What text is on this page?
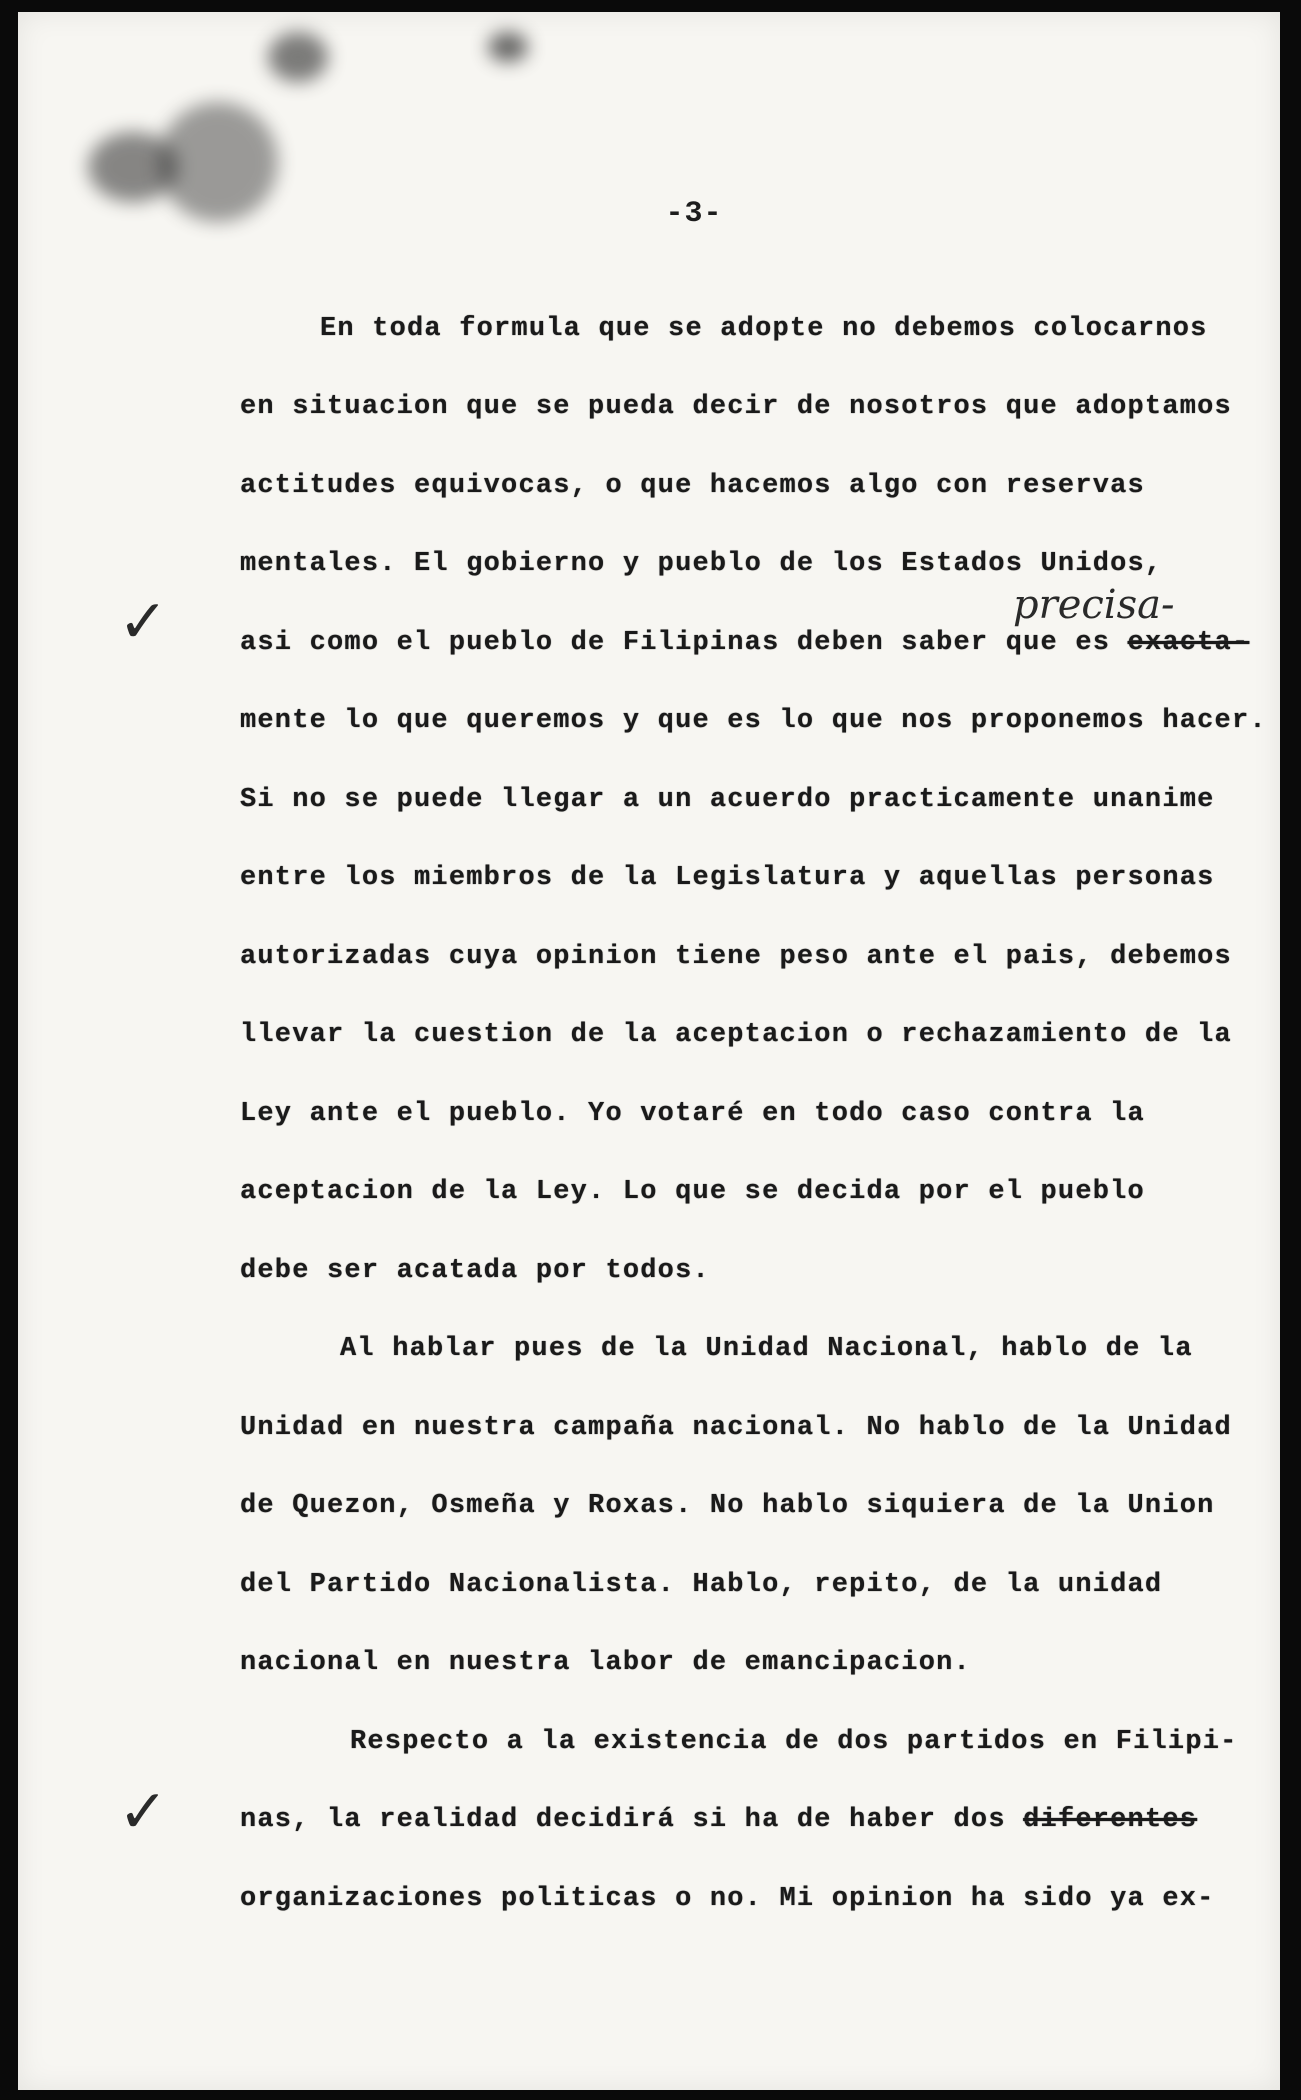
-3-
En toda formula que se adopte no debemos colocarnos
en situacion que se pueda decir de nosotros que adoptamos
actitudes equivocas, o que hacemos algo con reservas
mentales. El gobierno y pueblo de los Estados Unidos,
asi como el pueblo de Filipinas deben saber que es exacta-
precisa-
mente lo que queremos y que es lo que nos proponemos hacer.
Si no se puede llegar a un acuerdo practicamente unanime
entre los miembros de la Legislatura y aquellas personas
autorizadas cuya opinion tiene peso ante el pais, debemos
llevar la cuestion de la aceptacion o rechazamiento de la
Ley ante el pueblo. Yo votaré en todo caso contra la
aceptacion de la Ley. Lo que se decida por el pueblo
debe ser acatada por todos.
Al hablar pues de la Unidad Nacional, hablo de la
Unidad en nuestra campaña nacional. No hablo de la Unidad
de Quezon, Osmeña y Roxas. No hablo siquiera de la Union
del Partido Nacionalista. Hablo, repito, de la unidad
nacional en nuestra labor de emancipacion.
Respecto a la existencia de dos partidos en Filipi-
nas, la realidad decidirá si ha de haber dos diferentes
organizaciones politicas o no. Mi opinion ha sido ya ex-
✓
✓
